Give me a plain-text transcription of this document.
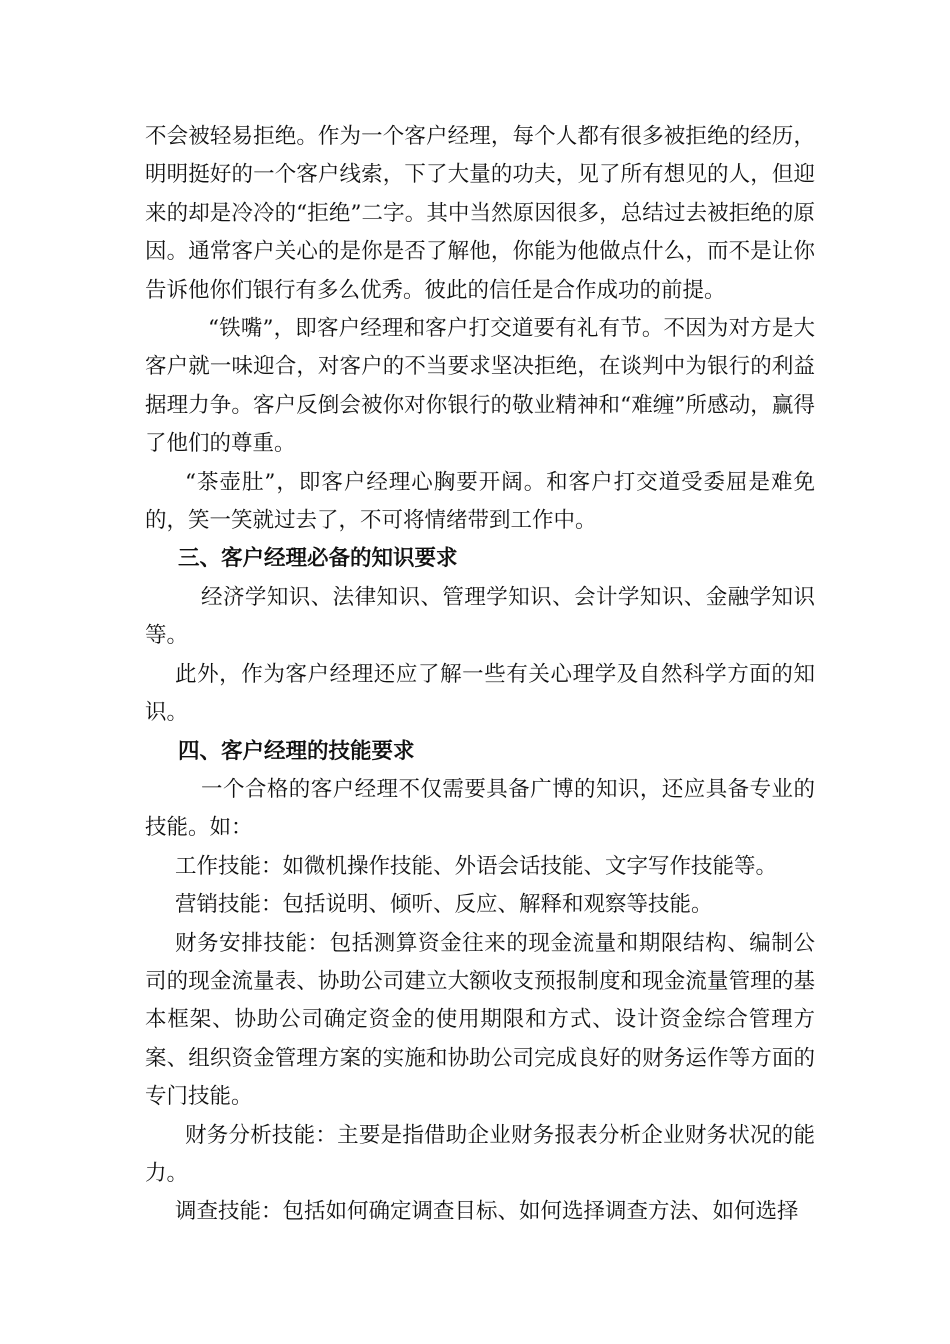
不会被轻易拒绝。作为一个客户经理，每个人都有很多被拒绝的经历，明明挺好的一个客户线索，下了大量的功夫，见了所有想见的人，但迎来的却是冷冷的“拒绝”二字。其中当然原因很多，总结过去被拒绝的原因。通常客户关心的是你是否了解他，你能为他做点什么，而不是让你告诉他你们银行有多么优秀。彼此的信任是合作成功的前提。

“铁嘴”，即客户经理和客户打交道要有礼有节。不因为对方是大客户就一味迎合，对客户的不当要求坚决拒绝，在谈判中为银行的利益据理力争。客户反倒会被你对你银行的敬业精神和“难缠”所感动，赢得了他们的尊重。

“茶壶肚”，即客户经理心胸要开阔。和客户打交道受委屈是难免的，笑一笑就过去了，不可将情绪带到工作中。

三、客户经理必备的知识要求

经济学知识、法律知识、管理学知识、会计学知识、金融学知识等。

此外，作为客户经理还应了解一些有关心理学及自然科学方面的知识。

四、客户经理的技能要求

一个合格的客户经理不仅需要具备广博的知识，还应具备专业的技能。如：

工作技能：如微机操作技能、外语会话技能、文字写作技能等。

营销技能：包括说明、倾听、反应、解释和观察等技能。

财务安排技能：包括测算资金往来的现金流量和期限结构、编制公司的现金流量表、协助公司建立大额收支预报制度和现金流量管理的基本框架、协助公司确定资金的使用期限和方式、设计资金综合管理方案、组织资金管理方案的实施和协助公司完成良好的财务运作等方面的专门技能。

财务分析技能：主要是指借助企业财务报表分析企业财务状况的能力。

调查技能：包括如何确定调查目标、如何选择调查方法、如何选择
